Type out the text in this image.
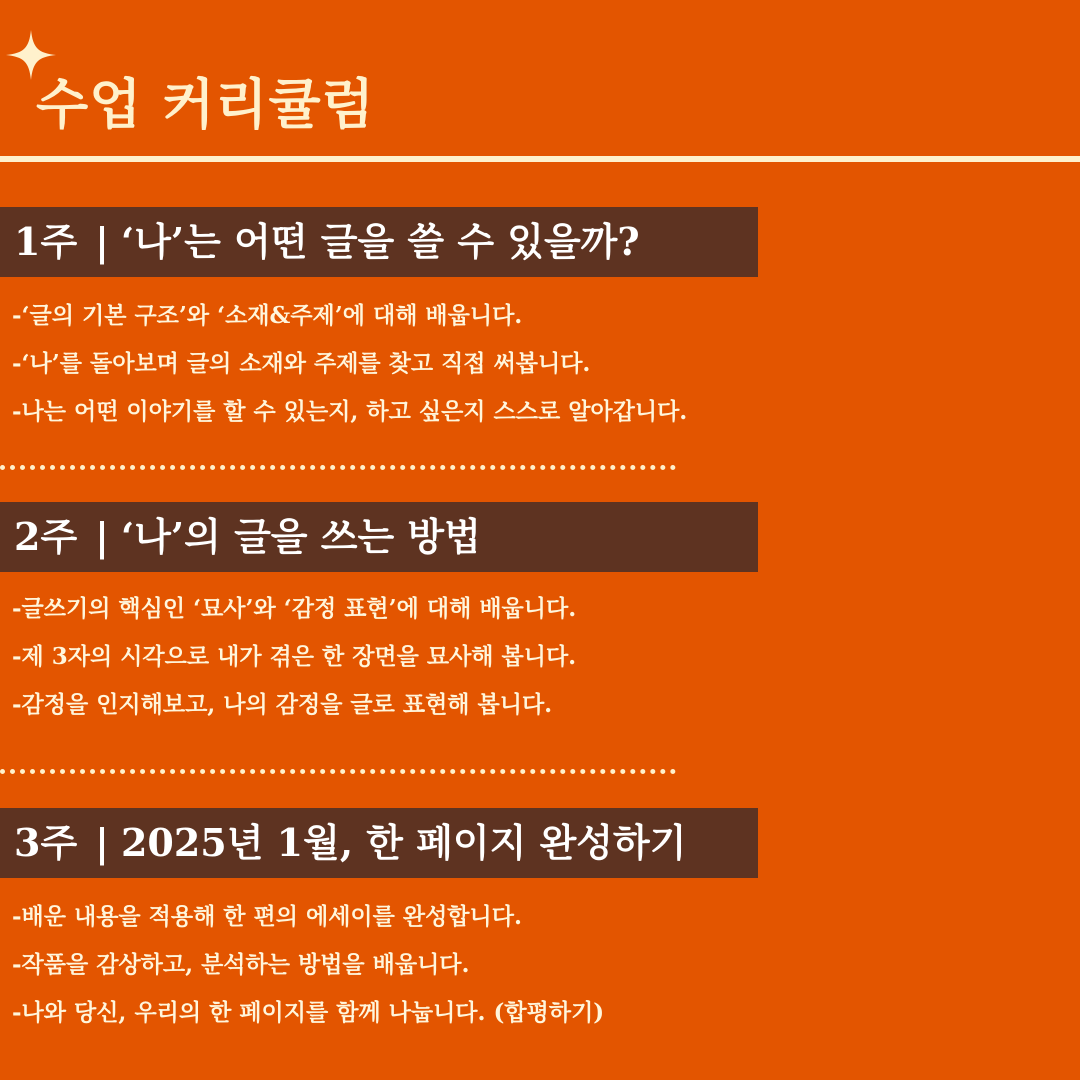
수업 커리큘럼
1주 | ‘나’는 어떤 글을 쓸 수 있을까?
-‘글의 기본 구조’와 ‘소재&주제’에 대해 배웁니다.
-‘나’를 돌아보며 글의 소재와 주제를 찾고 직접 써봅니다.
-나는 어떤 이야기를 할 수 있는지, 하고 싶은지 스스로 알아갑니다.
2주 | ‘나’의 글을 쓰는 방법
-글쓰기의 핵심인 ‘묘사’와 ‘감정 표현’에 대해 배웁니다.
-제 3자의 시각으로 내가 겪은 한 장면을 묘사해 봅니다.
-감정을 인지해보고, 나의 감정을 글로 표현해 봅니다.
3주 | 2025년 1월, 한 페이지 완성하기
-배운 내용을 적용해 한 편의 에세이를 완성합니다.
-작품을 감상하고, 분석하는 방법을 배웁니다.
-나와 당신, 우리의 한 페이지를 함께 나눕니다. (합평하기)
